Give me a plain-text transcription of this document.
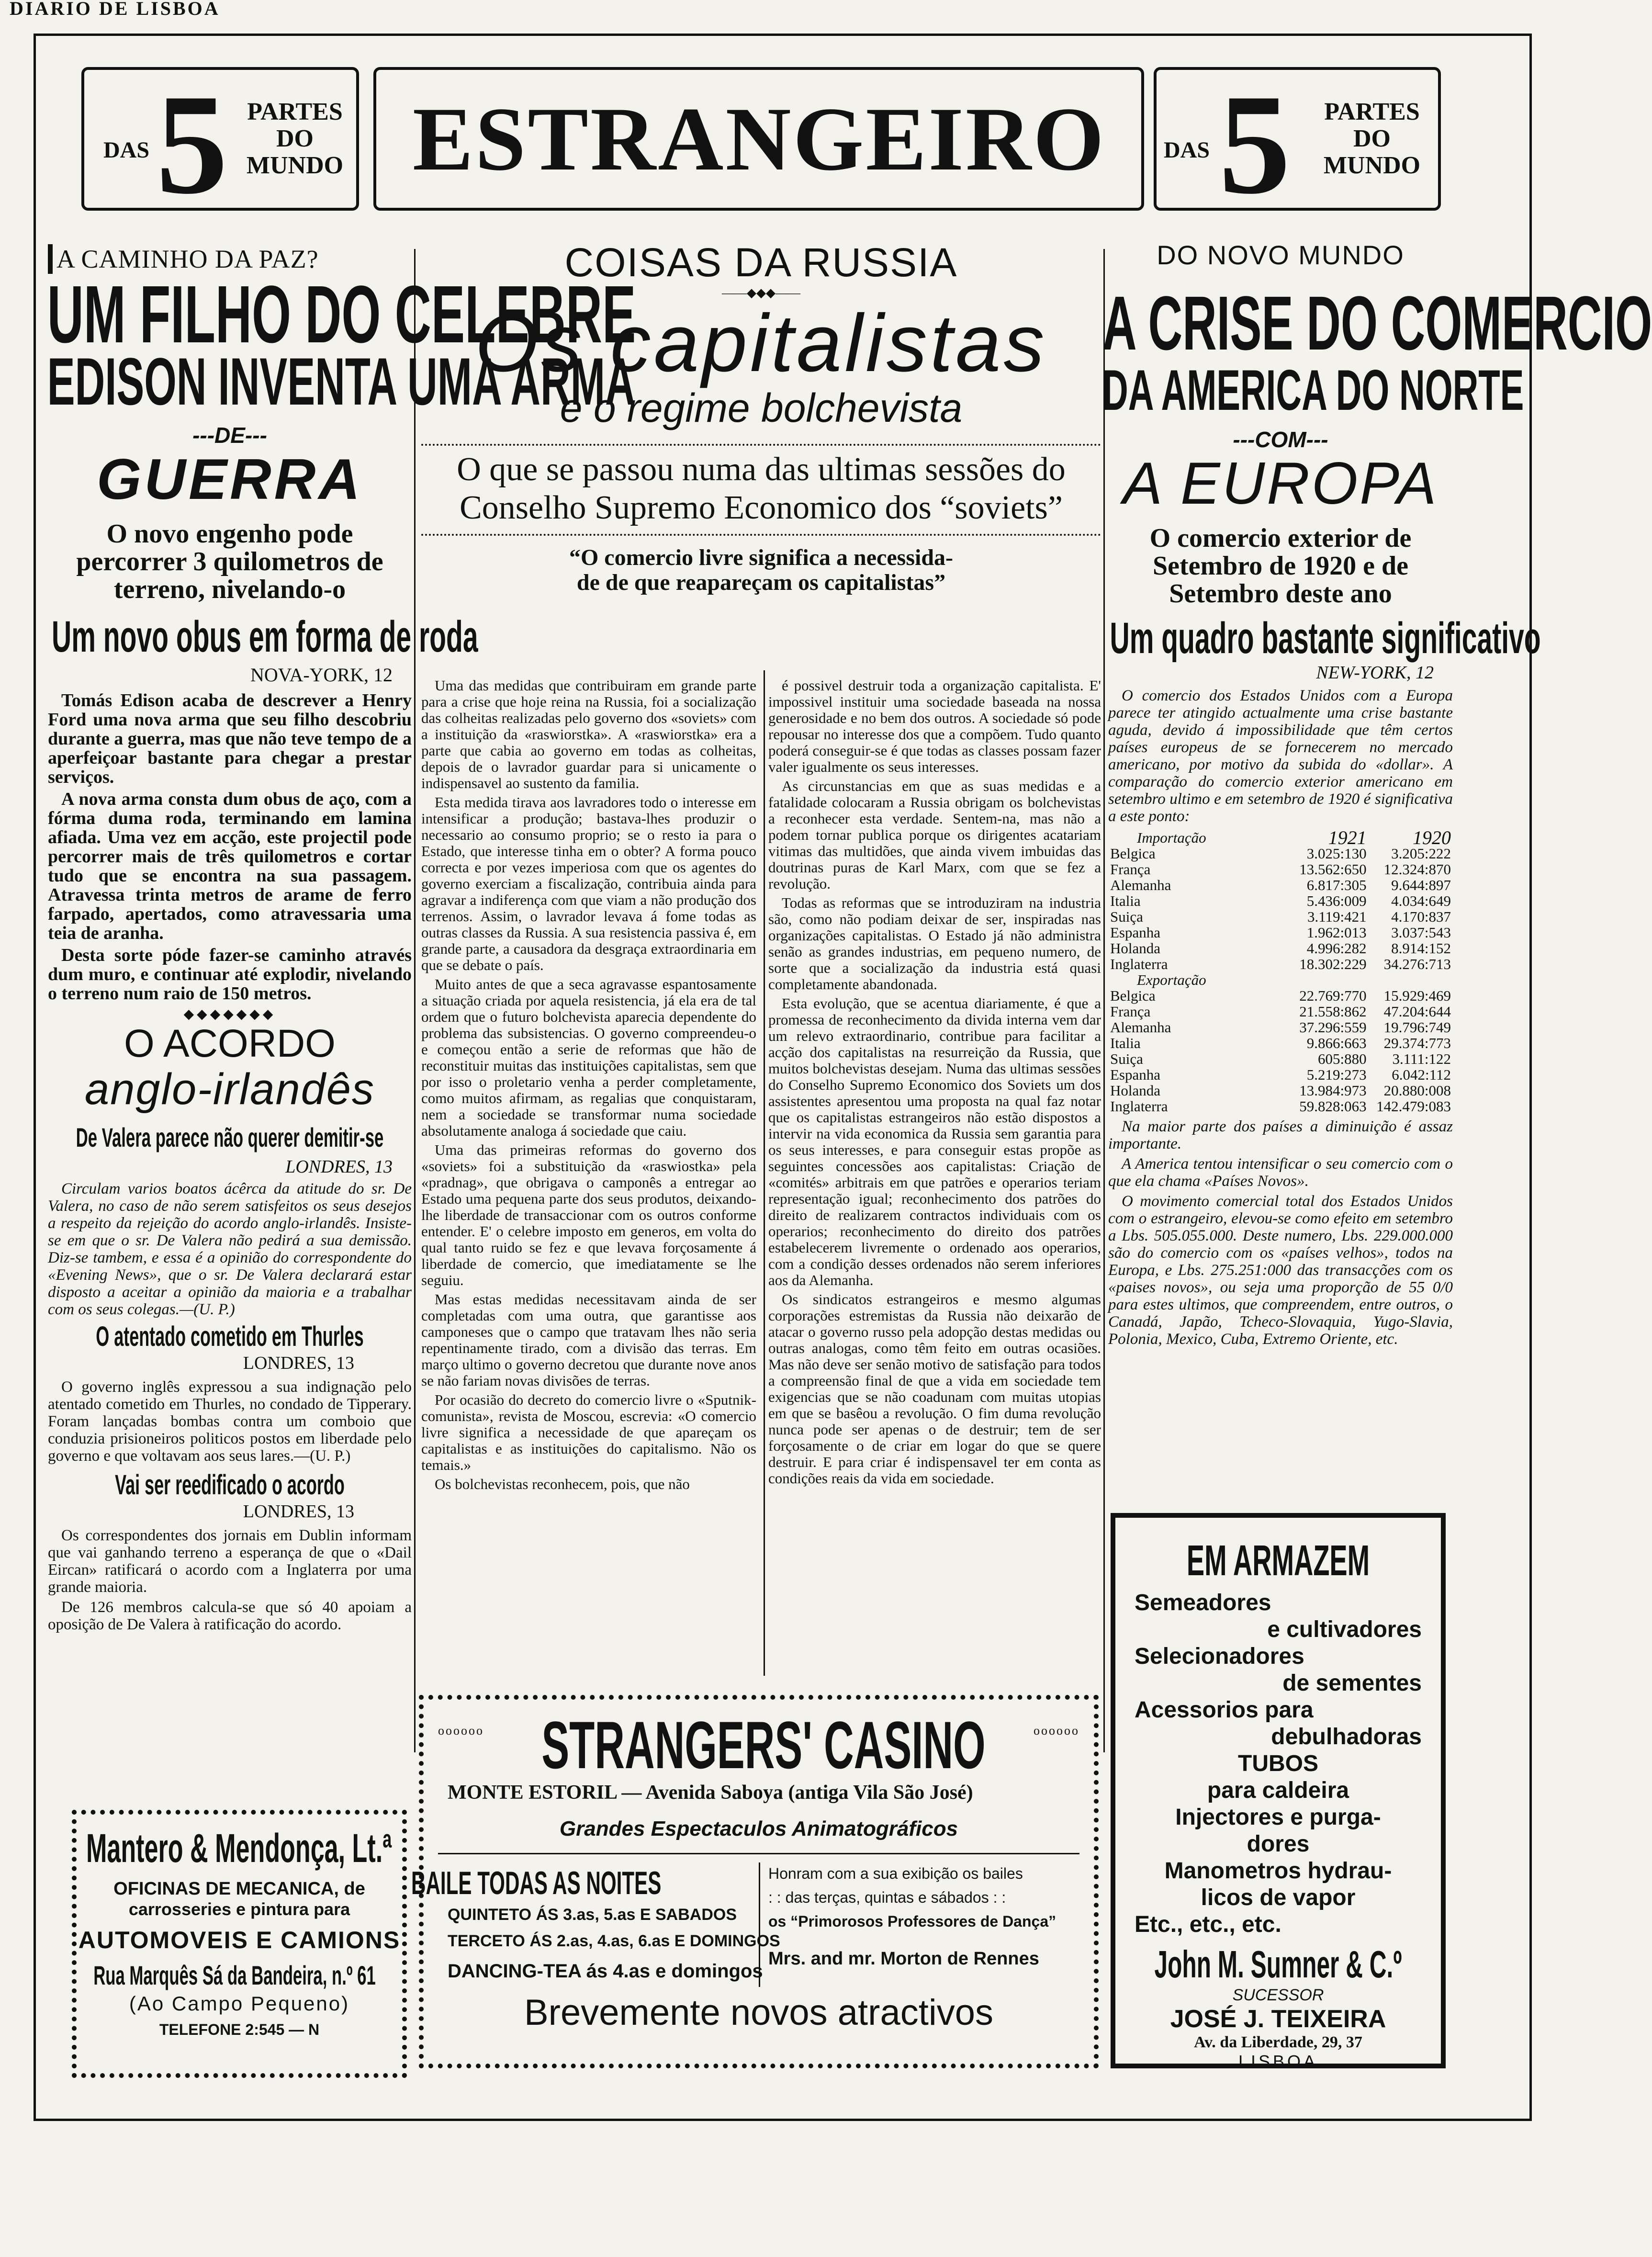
DIARIO DE LISBOA
DAS 5 PARTES
DO
MUNDO ESTRANGEIRO	DAS 5	PARTES
DO
MUNDO
A CAMINHO DA PAZ?
UM FILHO DO CELEBRE
EDISON INVENTA UMA ARMA
---DE---
GUERRA
O novo engenho pode percorrer 3 quilometros de terreno, nivelando-o
Um novo obus em forma de roda
NOVA-YORK, 12

Tomás Edison acaba de descrever a Henry Ford uma nova arma que seu filho descobriu durante a guerra, mas que não teve tempo de a aperfeiçoar bastante para chegar a prestar serviços.

A nova arma consta dum obus de aço, com a fórma duma roda, terminando em lamina afiada. Uma vez em acção, este projectil pode percorrer mais de três quilometros e cortar tudo que se encontra na sua passagem. Atravessa trinta metros de arame de ferro farpado, apertados, como atravessaria uma teia de aranha.

Desta sorte póde fazer-se caminho através dum muro, e continuar até explodir, nivelando o terreno num raio de 150 metros.

◆◆◆◆◆◆◆
O ACORDO
anglo-irlandês
De Valera parece não querer demitir-se
LONDRES, 13

Circulam varios boatos ácêrca da atitude do sr. De Valera, no caso de não serem satisfeitos os seus desejos a respeito da rejeição do acordo anglo-irlandês. Insiste-se em que o sr. De Valera não pedirá a sua demissão. Diz-se tambem, e essa é a opinião do correspondente do «Evening News», que o sr. De Valera declarará estar disposto a aceitar a opinião da maioria e a trabalhar com os seus colegas.—(U. P.)

O atentado cometido em Thurles
LONDRES, 13

O governo inglês expressou a sua indignação pelo atentado cometido em Thurles, no condado de Tipperary. Foram lançadas bombas contra um comboio que conduzia prisioneiros politicos postos em liberdade pelo governo e que voltavam aos seus lares.—(U. P.)

Vai ser reedificado o acordo
LONDRES, 13

Os correspondentes dos jornais em Dublin informam que vai ganhando terreno a esperança de que o «Dail Eircan» ratificará o acordo com a Inglaterra por uma grande maioria.

De 126 membros calcula-se que só 40 apoiam a oposição de De Valera à ratificação do acordo.

Mantero & Mendonça, Lt.ª
OFICINAS DE MECANICA, de
carrosseries e pintura para
AUTOMOVEIS E CAMIONS
Rua Marquês Sá da Bandeira, n.º 61
(Ao Campo Pequeno)
TELEFONE 2:545 — N
COISAS DA RUSSIA
——◆◆◆——
Os capitalistas
e o regime bolchevista
O que se passou numa das ultimas sessões do
Conselho Supremo Economico dos “soviets”
“O comercio livre significa a necessida-
de de que reapareçam os capitalistas”

Uma das medidas que contribuiram em grande parte para a crise que hoje reina na Russia, foi a socialização das colheitas realizadas pelo governo dos «soviets» com a instituição da «raswiorstka». A «raswiorstka» era a parte que cabia ao governo em todas as colheitas, depois de o lavrador guardar para si unicamente o indispensavel ao sustento da familia.

Esta medida tirava aos lavradores todo o interesse em intensificar a produção; bastava-lhes produzir o necessario ao consumo proprio; se o resto ia para o Estado, que interesse tinha em o obter? A forma pouco correcta e por vezes imperiosa com que os agentes do governo exerciam a fiscalização, contribuia ainda para agravar a indiferença com que viam a não produção dos terrenos. Assim, o lavrador levava á fome todas as outras classes da Russia. A sua resistencia passiva é, em grande parte, a causadora da desgraça extraordinaria em que se debate o país.

Muito antes de que a seca agravasse espantosamente a situação criada por aquela resistencia, já ela era de tal ordem que o futuro bolchevista aparecia dependente do problema das subsistencias. O governo compreendeu-o e começou então a serie de reformas que hão de reconstituir muitas das instituições capitalistas, sem que por isso o proletario venha a perder completamente, como muitos afirmam, as regalias que conquistaram, nem a sociedade se transformar numa sociedade absolutamente analoga á sociedade que caiu.

Uma das primeiras reformas do governo dos «soviets» foi a substituição da «raswiostka» pela «pradnag», que obrigava o camponês a entregar ao Estado uma pequena parte dos seus produtos, deixando-lhe liberdade de transaccionar com os outros conforme entender. E' o celebre imposto em generos, em volta do qual tanto ruido se fez e que levava forçosamente á liberdade de comercio, que imediatamente se lhe seguiu.

Mas estas medidas necessitavam ainda de ser completadas com uma outra, que garantisse aos camponeses que o campo que tratavam lhes não seria repentinamente tirado, com a divisão das terras. Em março ultimo o governo decretou que durante nove anos se não fariam novas divisões de terras.

Por ocasião do decreto do comercio livre o «Sputnik-comunista», revista de Moscou, escrevia: «O comercio livre significa a necessidade de que apareçam os capitalistas e as instituições do capitalismo. Não os temais.»

Os bolchevistas reconhecem, pois, que não

é possivel destruir toda a organização capitalista. E' impossivel instituir uma sociedade baseada na nossa generosidade e no bem dos outros. A sociedade só pode repousar no interesse dos que a compõem. Tudo quanto poderá conseguir-se é que todas as classes possam fazer valer igualmente os seus interesses.

As circunstancias em que as suas medidas e a fatalidade colocaram a Russia obrigam os bolchevistas a reconhecer esta verdade. Sentem-na, mas não a podem tornar publica porque os dirigentes acatariam vitimas das multidões, que ainda vivem imbuidas das doutrinas puras de Karl Marx, com que se fez a revolução.

Todas as reformas que se introduziram na industria são, como não podiam deixar de ser, inspiradas nas organizações capitalistas. O Estado já não administra senão as grandes industrias, em pequeno numero, de sorte que a socialização da industria está quasi completamente abandonada.

Esta evolução, que se acentua diariamente, é que a promessa de reconhecimento da divida interna vem dar um relevo extraordinario, contribue para facilitar a acção dos capitalistas na resurreição da Russia, que muitos bolchevistas desejam. Numa das ultimas sessões do Conselho Supremo Economico dos Soviets um dos assistentes apresentou uma proposta na qual faz notar que os capitalistas estrangeiros não estão dispostos a intervir na vida economica da Russia sem garantia para os seus interesses, e para conseguir estas propõe as seguintes concessões aos capitalistas: Criação de «comités» arbitrais em que patrões e operarios teriam representação igual; reconhecimento dos patrões do direito de realizarem contractos individuais com os operarios; reconhecimento do direito dos patrões estabelecerem livremente o ordenado aos operarios, com a condição desses ordenados não serem inferiores aos da Alemanha.

Os sindicatos estrangeiros e mesmo algumas corporações estremistas da Russia não deixarão de atacar o governo russo pela adopção destas medidas ou outras analogas, como têm feito em outras ocasiões. Mas não deve ser senão motivo de satisfação para todos a compreensão final de que a vida em sociedade tem exigencias que se não coadunam com muitas utopias em que se basêou a revolução. O fim duma revolução nunca pode ser apenas o de destruir; tem de ser forçosamente o de criar em logar do que se quere destruir. E para criar é indispensavel ter em conta as condições reais da vida em sociedade.

oooooo STRANGERS' CASINO	oooooo
MONTE ESTORIL — Avenida Saboya (antiga Vila São José)
Grandes Espectaculos Animatográficos
BAILE TODAS AS NOITES
QUINTETO ÁS 3.as, 5.as E SABADOS
TERCETO ÁS 2.as, 4.as, 6.as E DOMINGOS
DANCING-TEA ás 4.as e domingos
Honram com a sua exibição os bailes
: : das terças, quintas e sábados : :
os “Primorosos Professores de Dança”
Mrs. and mr. Morton de Rennes
Brevemente novos atractivos
DO NOVO MUNDO
A CRISE DO COMERCIO
DA AMERICA DO NORTE
---COM---
A EUROPA
O comercio exterior de Setembro de 1920 e de Setembro deste ano
Um quadro bastante significativo
NEW-YORK, 12

O comercio dos Estados Unidos com a Europa parece ter atingido actualmente uma crise bastante aguda, devido á impossibilidade que têm certos países europeus de se fornecerem no mercado americano, por motivo da subida do «dollar». A comparação do comercio exterior americano em setembro ultimo e em setembro de 1920 é significativa a este ponto:

Importação	1921	1920
Belgica	3.025:130	3.205:222
França	13.562:650	12.324:870
Alemanha	6.817:305	9.644:897
Italia	5.436:009	4.034:649
Suiça	3.119:421	4.170:837
Espanha	1.962:013	3.037:543
Holanda	4.996:282	8.914:152
Inglaterra	18.302:229	34.276:713
Exportação		
Belgica	22.769:770	15.929:469
França	21.558:862	47.204:644
Alemanha	37.296:559	19.796:749
Italia	9.866:663	29.374:773
Suiça	605:880	3.111:122
Espanha	5.219:273	6.042:112
Holanda	13.984:973	20.880:008
Inglaterra	59.828:063	142.479:083

Na maior parte dos países a diminuição é assaz importante.

A America tentou intensificar o seu comercio com o que ela chama «Países Novos».

O movimento comercial total dos Estados Unidos com o estrangeiro, elevou-se como efeito em setembro a Lbs. 505.055.000. Deste numero, Lbs. 229.000.000 são do comercio com os «países velhos», todos na Europa, e Lbs. 275.251:000 das transacções com os «paises novos», ou seja uma proporção de 55 0/0 para estes ultimos, que compreendem, entre outros, o Canadá, Japão, Tcheco-Slovaquia, Yugo-Slavia, Polonia, Mexico, Cuba, Extremo Oriente, etc.

EM ARMAZEM
Semeadores
e cultivadores
Selecionadores
de sementes
Acessorios para
debulhadoras
TUBOS
para caldeira
Injectores e purga-
dores
Manometros hydrau-
licos de vapor
Etc., etc., etc.
John M. Sumner & C.º
SUCESSOR
JOSÉ J. TEIXEIRA
Av. da Liberdade, 29, 37
LISBOA
